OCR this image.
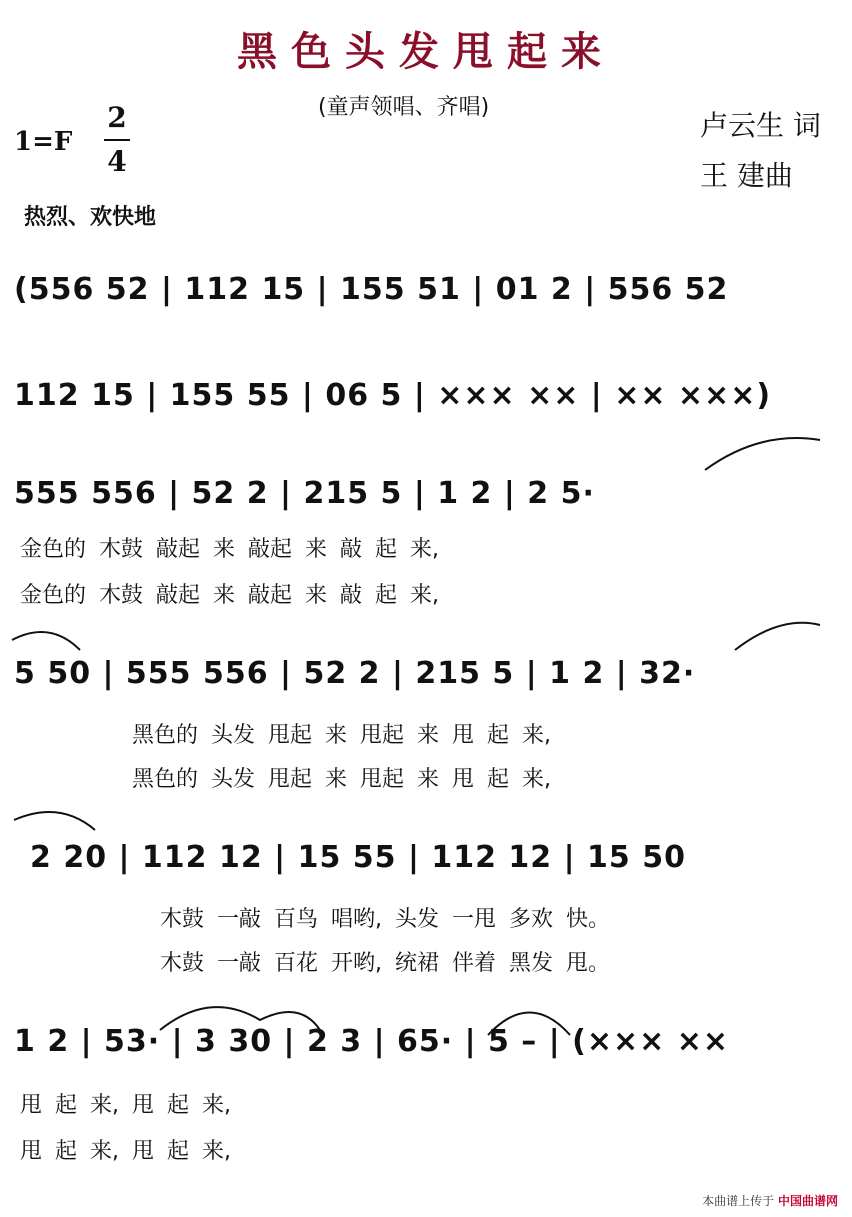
黑色头发甩起来
(童声领唱、齐唱)
卢云生 词
王 建曲
1=F
2
4
热烈、欢快地
(556 52 | 112 15 | 155 51 | 01 2 | 556 52
112 15 | 155 55 | 06 5 | ××× ×× | ×× ×××)
555 556 | 52 2 | 215 5 | 1 2 | 2 5·
金色的 木鼓 敲起 来 敲起 来 敲 起 来,
金色的 木鼓 敲起 来 敲起 来 敲 起 来,
5 50 | 555 556 | 52 2 | 215 5 | 1 2 | 32·
黑色的 头发 甩起 来 甩起 来 甩 起 来,
黑色的 头发 甩起 来 甩起 来 甩 起 来,
2 20 | 112 12 | 15 55 | 112 12 | 15 50
木鼓 一敲 百鸟 唱哟, 头发 一甩 多欢 快。
木鼓 一敲 百花 开哟, 统裙 伴着 黑发 甩。
1 2 | 53· | 3 30 | 2 3 | 65· | 5 – | (××× ××
甩 起 来, 甩 起 来,
甩 起 来, 甩 起 来,
本曲谱上传于 中国曲谱网
